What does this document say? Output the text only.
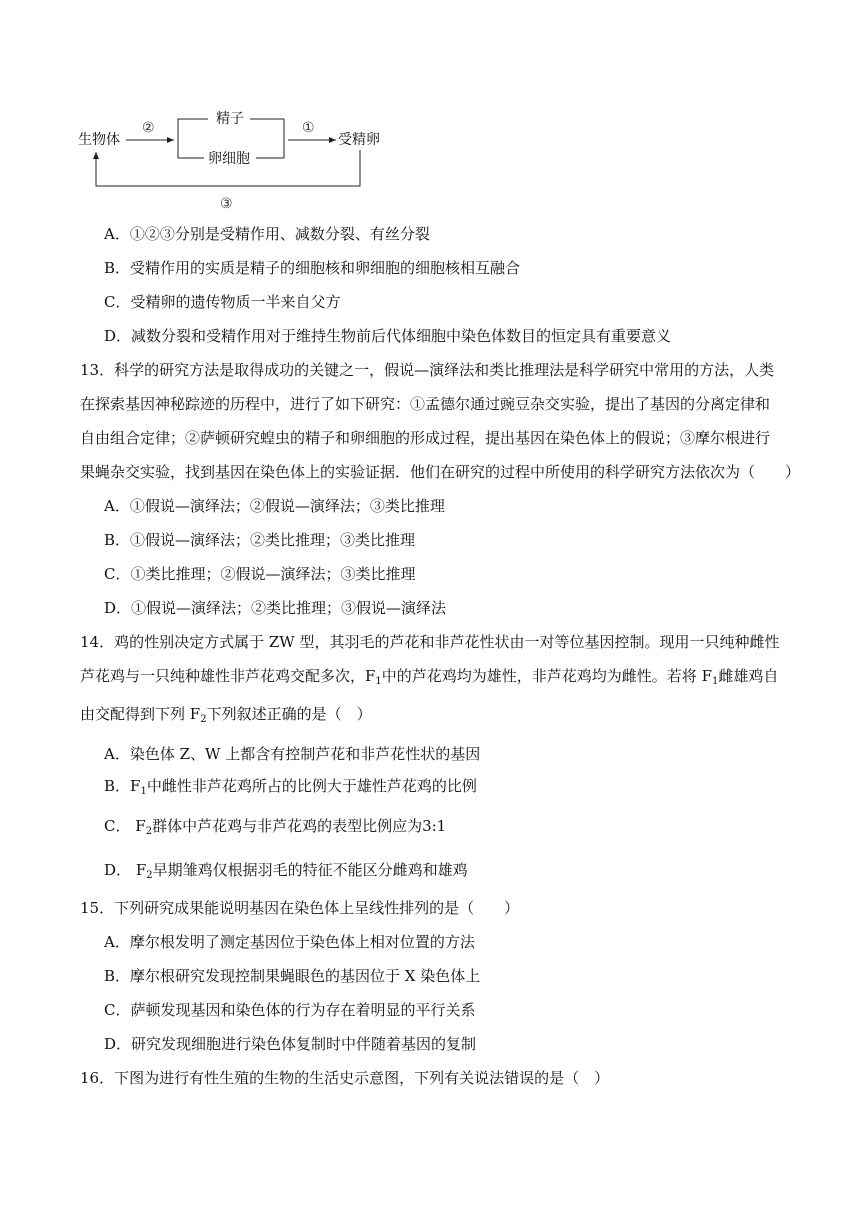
生物体
②
精子
卵细胞
①
受精卵
③
A．①②③分别是受精作用、减数分裂、有丝分裂
B．受精作用的实质是精子的细胞核和卵细胞的细胞核相互融合
C．受精卵的遗传物质一半来自父方
D．减数分裂和受精作用对于维持生物前后代体细胞中染色体数目的恒定具有重要意义
13．科学的研究方法是取得成功的关键之一，假说—演绎法和类比推理法是科学研究中常用的方法，人类
在探索基因神秘踪迹的历程中，进行了如下研究：①孟德尔通过豌豆杂交实验，提出了基因的分离定律和
自由组合定律；②萨顿研究蝗虫的精子和卵细胞的形成过程，提出基因在染色体上的假说；③摩尔根进行
果蝇杂交实验，找到基因在染色体上的实验证据．他们在研究的过程中所使用的科学研究方法依次为（　　）
A．①假说—演绎法；②假说—演绎法；③类比推理
B．①假说—演绎法；②类比推理；③类比推理
C．①类比推理；②假说—演绎法；③类比推理
D．①假说—演绎法；②类比推理；③假说—演绎法
14．鸡的性别决定方式属于 ZW 型，其羽毛的芦花和非芦花性状由一对等位基因控制。现用一只纯种雌性
芦花鸡与一只纯种雄性非芦花鸡交配多次，$F_1$中的芦花鸡均为雄性，非芦花鸡均为雌性。若将 $F_1$雌雄鸡自
由交配得到下列 $F_2$下列叙述正确的是（　）
A．染色体 Z、W 上都含有控制芦花和非芦花性状的基因
B．$F_1$中雌性非芦花鸡所占的比例大于雄性芦花鸡的比例
C． $F_2$群体中芦花鸡与非芦花鸡的表型比例应为3:1
D． $F_2$早期雏鸡仅根据羽毛的特征不能区分雌鸡和雄鸡
15．下列研究成果能说明基因在染色体上呈线性排列的是（　　）
A．摩尔根发明了测定基因位于染色体上相对位置的方法
B．摩尔根研究发现控制果蝇眼色的基因位于 X 染色体上
C．萨顿发现基因和染色体的行为存在着明显的平行关系
D．研究发现细胞进行染色体复制时中伴随着基因的复制
16．下图为进行有性生殖的生物的生活史示意图，下列有关说法错误的是（　）
